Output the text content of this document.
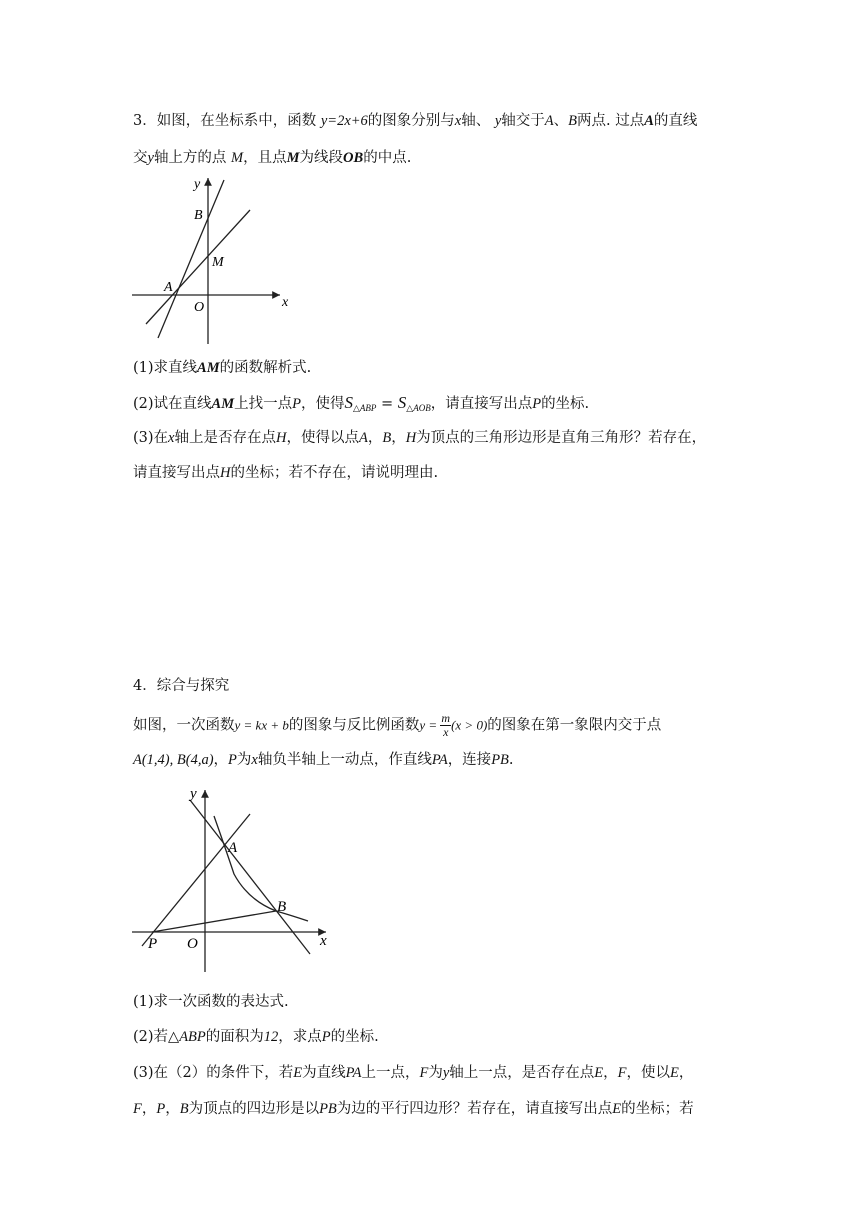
3．如图，在坐标系中，函数 y=2x+6的图象分别与x轴、 y轴交于A、B两点. 过点A的直线
交y轴上方的点 M，且点M为线段OB的中点.
y
B
M
A
O	x
(1)求直线AM的函数解析式.
(2)试在直线AM上找一点P，使得$S_{\triangle ABP} = S_{\triangle AOB}$，请直接写出点P的坐标.
(3)在x轴上是否存在点H，使得以点A，B，H为顶点的三角形边形是直角三角形？若存在，
请直接写出点H的坐标；若不存在，请说明理由.
4．综合与探究
如图，一次函数y = kx + b的图象与反比例函数$y = \frac{m}{x} (x > 0)$的图象在第一象限内交于点
A(1,4), B(4,a)，P为x轴负半轴上一动点，作直线PA，连接PB.
y
A
B
P O	x
(1)求一次函数的表达式.
(2)若△ABP的面积为12，求点P的坐标.
(3)在（2）的条件下，若E为直线PA上一点，F为y轴上一点，是否存在点E，F，使以E，
F，P，B为顶点的四边形是以PB为边的平行四边形？若存在，请直接写出点E的坐标；若
